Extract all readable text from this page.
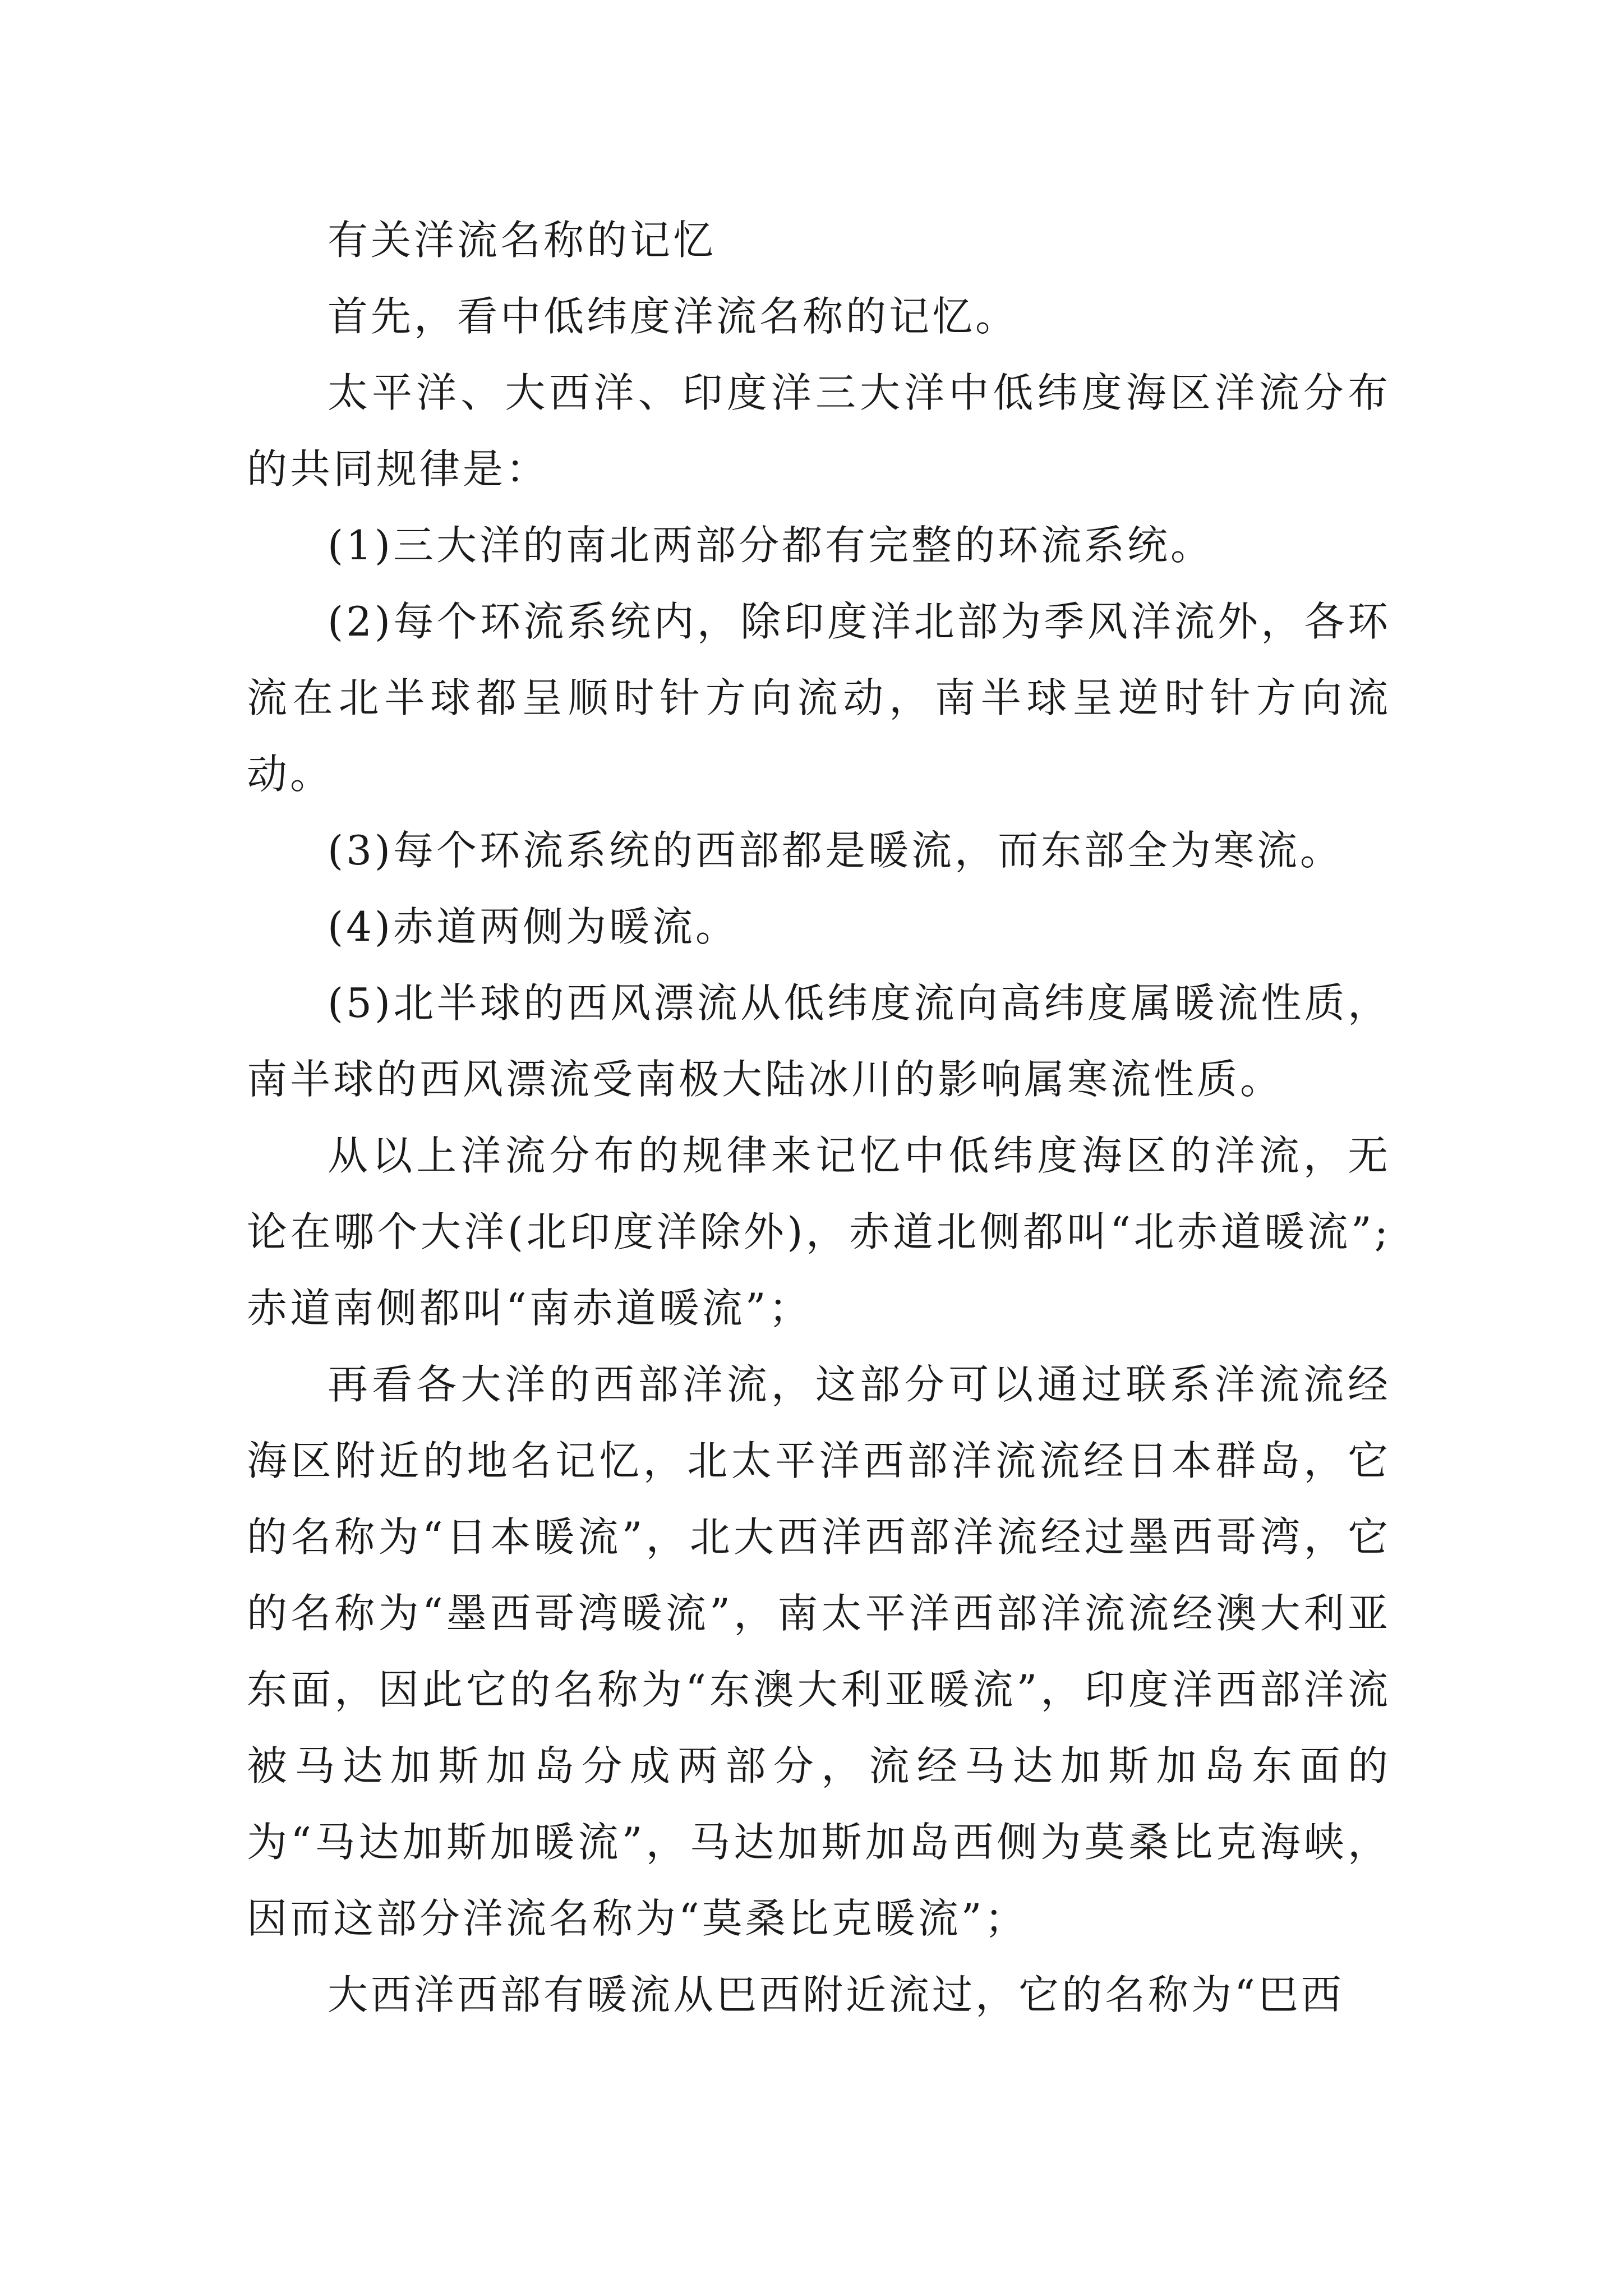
有关洋流名称的记忆

首先，看中低纬度洋流名称的记忆。

太平洋、大西洋、印度洋三大洋中低纬度海区洋流分布的共同规律是：

(1)三大洋的南北两部分都有完整的环流系统。

(2)每个环流系统内，除印度洋北部为季风洋流外，各环流在北半球都呈顺时针方向流动，南半球呈逆时针方向流动。

(3)每个环流系统的西部都是暖流，而东部全为寒流。

(4)赤道两侧为暖流。

(5)北半球的西风漂流从低纬度流向高纬度属暖流性质，南半球的西风漂流受南极大陆冰川的影响属寒流性质。

从以上洋流分布的规律来记忆中低纬度海区的洋流，无论在哪个大洋(北印度洋除外)，赤道北侧都叫“北赤道暖流”;赤道南侧都叫“南赤道暖流”；

再看各大洋的西部洋流，这部分可以通过联系洋流流经海区附近的地名记忆，北太平洋西部洋流流经日本群岛，它的名称为“日本暖流”，北大西洋西部洋流经过墨西哥湾，它的名称为“墨西哥湾暖流”，南太平洋西部洋流流经澳大利亚东面，因此它的名称为“东澳大利亚暖流”，印度洋西部洋流被马达加斯加岛分成两部分，流经马达加斯加岛东面的为“马达加斯加暖流”，马达加斯加岛西侧为莫桑比克海峡，因而这部分洋流名称为“莫桑比克暖流”；

大西洋西部有暖流从巴西附近流过，它的名称为“巴西
